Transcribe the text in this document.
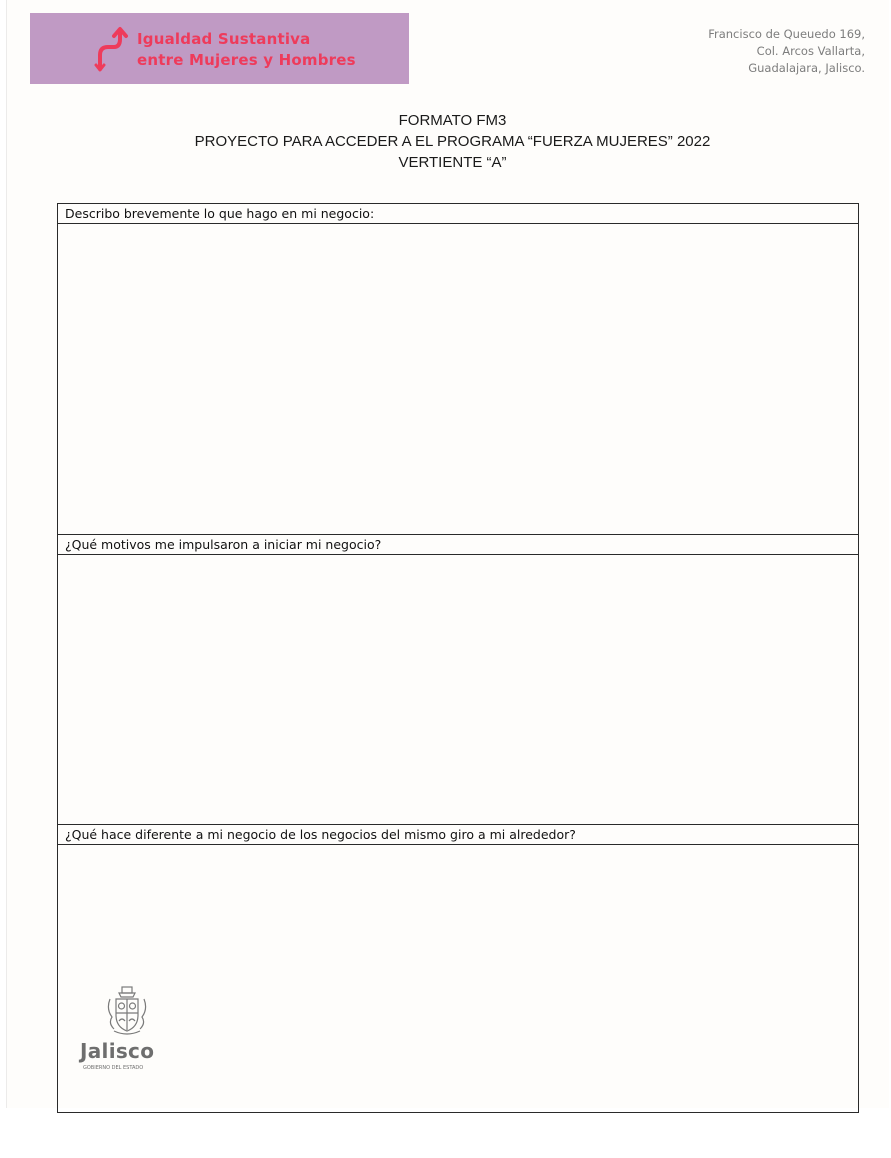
Igualdad Sustantiva
entre Mujeres y Hombres
Francisco de Queuedo 169,
Col. Arcos Vallarta,
Guadalajara, Jalisco.
FORMATO FM3
PROYECTO PARA ACCEDER A EL PROGRAMA “FUERZA MUJERES” 2022
VERTIENTE “A”
Describo brevemente lo que hago en mi negocio:
¿Qué motivos me impulsaron a iniciar mi negocio?
¿Qué hace diferente a mi negocio de los negocios del mismo giro a mi alrededor?
Jalisco
GOBIERNO DEL ESTADO
